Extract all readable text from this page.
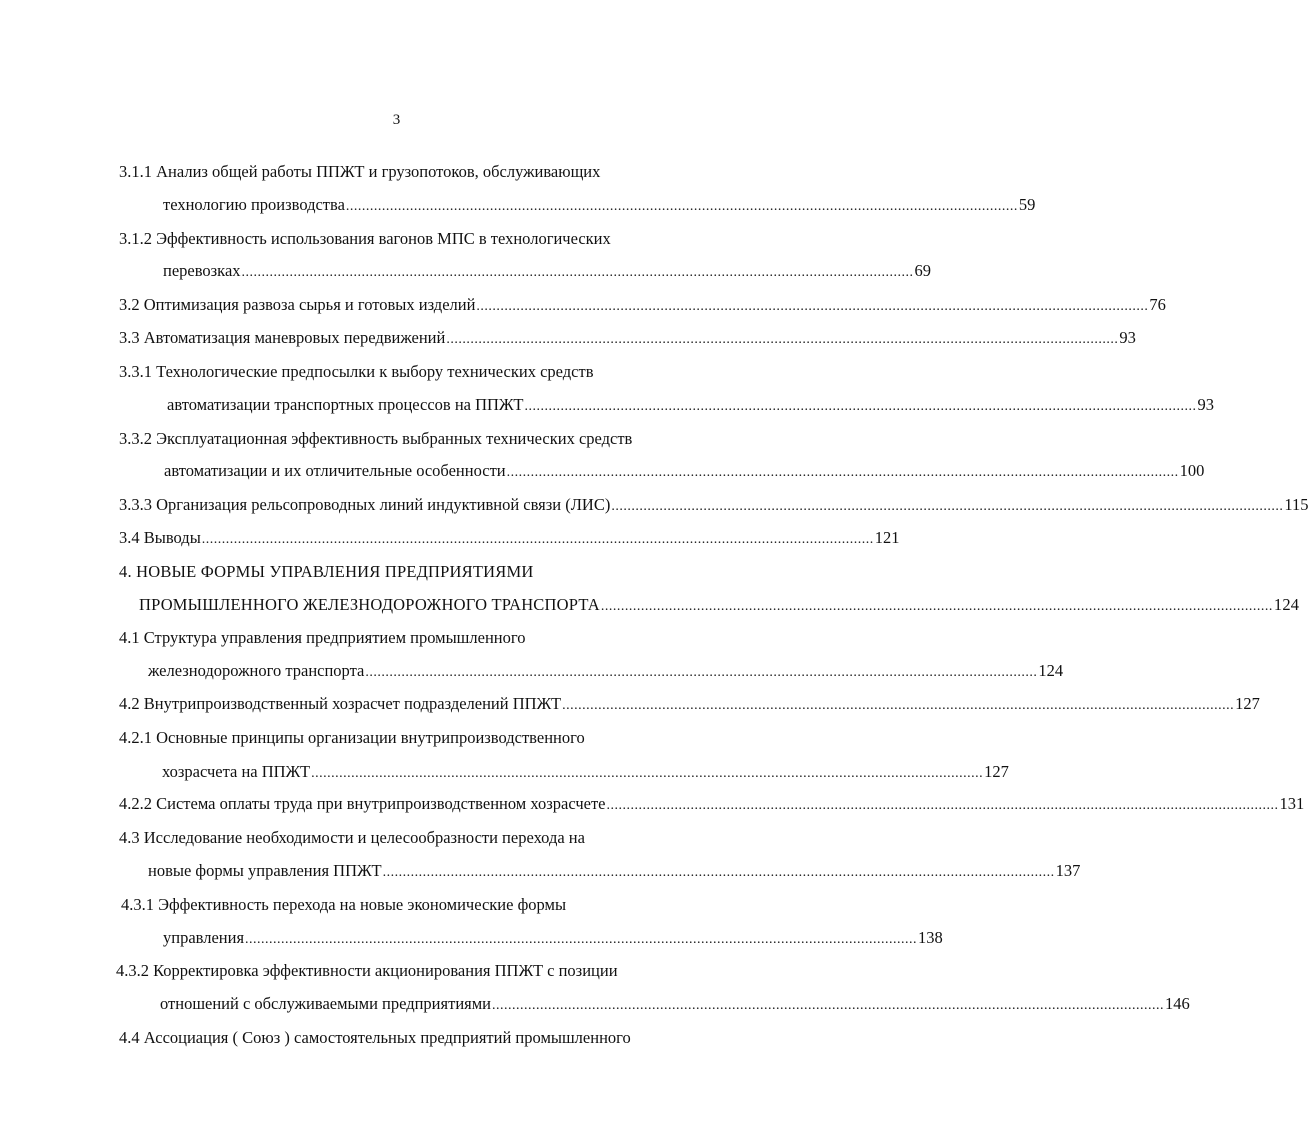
3
3.1.1 Анализ общей работы ППЖТ и грузопотоков, обслуживающих
технологию производства ........................................................................................................................................................................ 59
3.1.2 Эффективность использования вагонов МПС в технологических
перевозках ........................................................................................................................................................................ 69
3.2 Оптимизация развоза сырья и готовых изделий ........................................................................................................................................................................ 76
3.3 Автоматизация маневровых передвижений ........................................................................................................................................................................ 93
3.3.1 Технологические предпосылки к выбору технических средств
автоматизации транспортных процессов на ППЖТ ........................................................................................................................................................................ 93
3.3.2 Эксплуатационная эффективность выбранных технических средств
автоматизации и их отличительные особенности ........................................................................................................................................................................ 100
3.3.3 Организация рельсопроводных линий индуктивной связи (ЛИС) ........................................................................................................................................................................ 115
3.4 Выводы ........................................................................................................................................................................ 121
4. НОВЫЕ ФОРМЫ УПРАВЛЕНИЯ ПРЕДПРИЯТИЯМИ
ПРОМЫШЛЕННОГО ЖЕЛЕЗНОДОРОЖНОГО ТРАНСПОРТА ........................................................................................................................................................................ 124
4.1 Структура управления предприятием промышленного
железнодорожного транспорта ........................................................................................................................................................................ 124
4.2 Внутрипроизводственный хозрасчет подразделений ППЖТ ........................................................................................................................................................................ 127
4.2.1 Основные принципы организации внутрипроизводственного
хозрасчета на ППЖТ ........................................................................................................................................................................ 127
4.2.2 Система оплаты труда при внутрипроизводственном хозрасчете ........................................................................................................................................................................ 131
4.3 Исследование необходимости и целесообразности перехода на
новые формы управления ППЖТ ........................................................................................................................................................................ 137
4.3.1 Эффективность перехода на новые экономические формы
управления ........................................................................................................................................................................ 138
4.3.2 Корректировка эффективности акционирования ППЖТ с позиции
отношений с обслуживаемыми предприятиями ........................................................................................................................................................................ 146
4.4 Ассоциация ( Союз ) самостоятельных предприятий промышленного
